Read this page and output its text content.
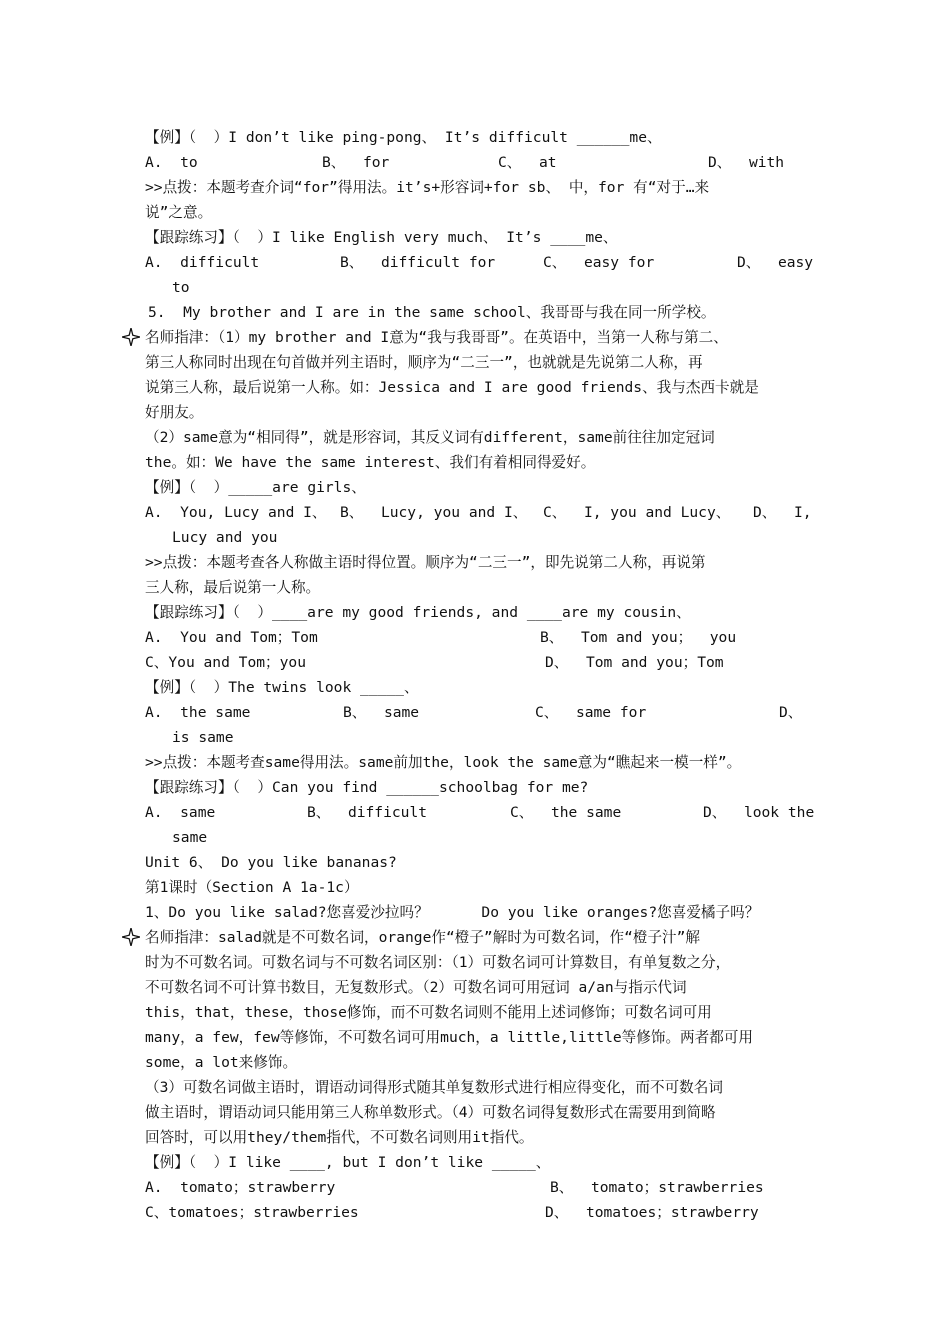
【例】（  ）I don’t like ping-pong、 It’s difficult ______me、

A.  to

	B、  for

	C、  at

	D、  with

>>点拨：本题考查介词“for”得用法。it’s+形容词+for sb、 中，for 有“对于…来
说”之意。
【跟踪练习】（  ）I like English very much、 It’s ____me、

A.  difficult

	B、  difficult for

	C、  easy for

	D、  easy

to
5.  My brother and I are in the same school、我哥哥与我在同一所学校。
名师指津：（1）my brother and I意为“我与我哥哥”。在英语中，当第一人称与第二、
第三人称同时出现在句首做并列主语时，顺序为“二三一”，也就就是先说第二人称，再
说第三人称，最后说第一人称。如：Jessica and I are good friends、我与杰西卡就是
好朋友。
（2）same意为“相同得”，就是形容词，其反义词有different，same前往往加定冠词
the。如：We have the same interest、我们有着相同得爱好。
【例】（  ）_____are girls、

A.  You, Lucy and I、

B、  Lucy, you and I、

C、  I, you and Lucy、

D、  I,

Lucy and you
>>点拨：本题考查各人称做主语时得位置。顺序为“二三一”，即先说第二人称，再说第
三人称，最后说第一人称。
【跟踪练习】（  ）____are my good friends, and ____are my cousin、

A.  You and Tom；Tom

	B、  Tom and you；  you

C、You and Tom；you

	D、  Tom and you；Tom

【例】（  ）The twins look _____、

A.  the same

	B、  same

	C、  same for

	D、

is same
>>点拨：本题考查same得用法。same前加the，look the same意为“瞧起来一模一样”。
【跟踪练习】（  ）Can you find ______schoolbag for me?

A.  same

	B、  difficult

	C、  the same

	D、  look the

same
Unit 6、 Do you like bananas?
第1课时（Section A 1a-1c）
1、Do you like salad?您喜爱沙拉吗？      Do you like oranges?您喜爱橘子吗？
名师指津：salad就是不可数名词，orange作“橙子”解时为可数名词，作“橙子汁”解
时为不可数名词。可数名词与不可数名词区别：（1）可数名词可计算数目，有单复数之分，
不可数名词不可计算书数目，无复数形式。（2）可数名词可用冠词 a/an与指示代词
this，that，these，those修饰，而不可数名词则不能用上述词修饰；可数名词可用
many，a few，few等修饰，不可数名词可用much，a little,little等修饰。两者都可用
some，a lot来修饰。
（3）可数名词做主语时，谓语动词得形式随其单复数形式进行相应得变化，而不可数名词
做主语时，谓语动词只能用第三人称单数形式。（4）可数名词得复数形式在需要用到简略
回答时，可以用they/them指代，不可数名词则用it指代。
【例】（  ）I like ____, but I don’t like _____、

A.  tomato；strawberry

	B、  tomato；strawberries

C、tomatoes；strawberries

	D、  tomatoes；strawberry
